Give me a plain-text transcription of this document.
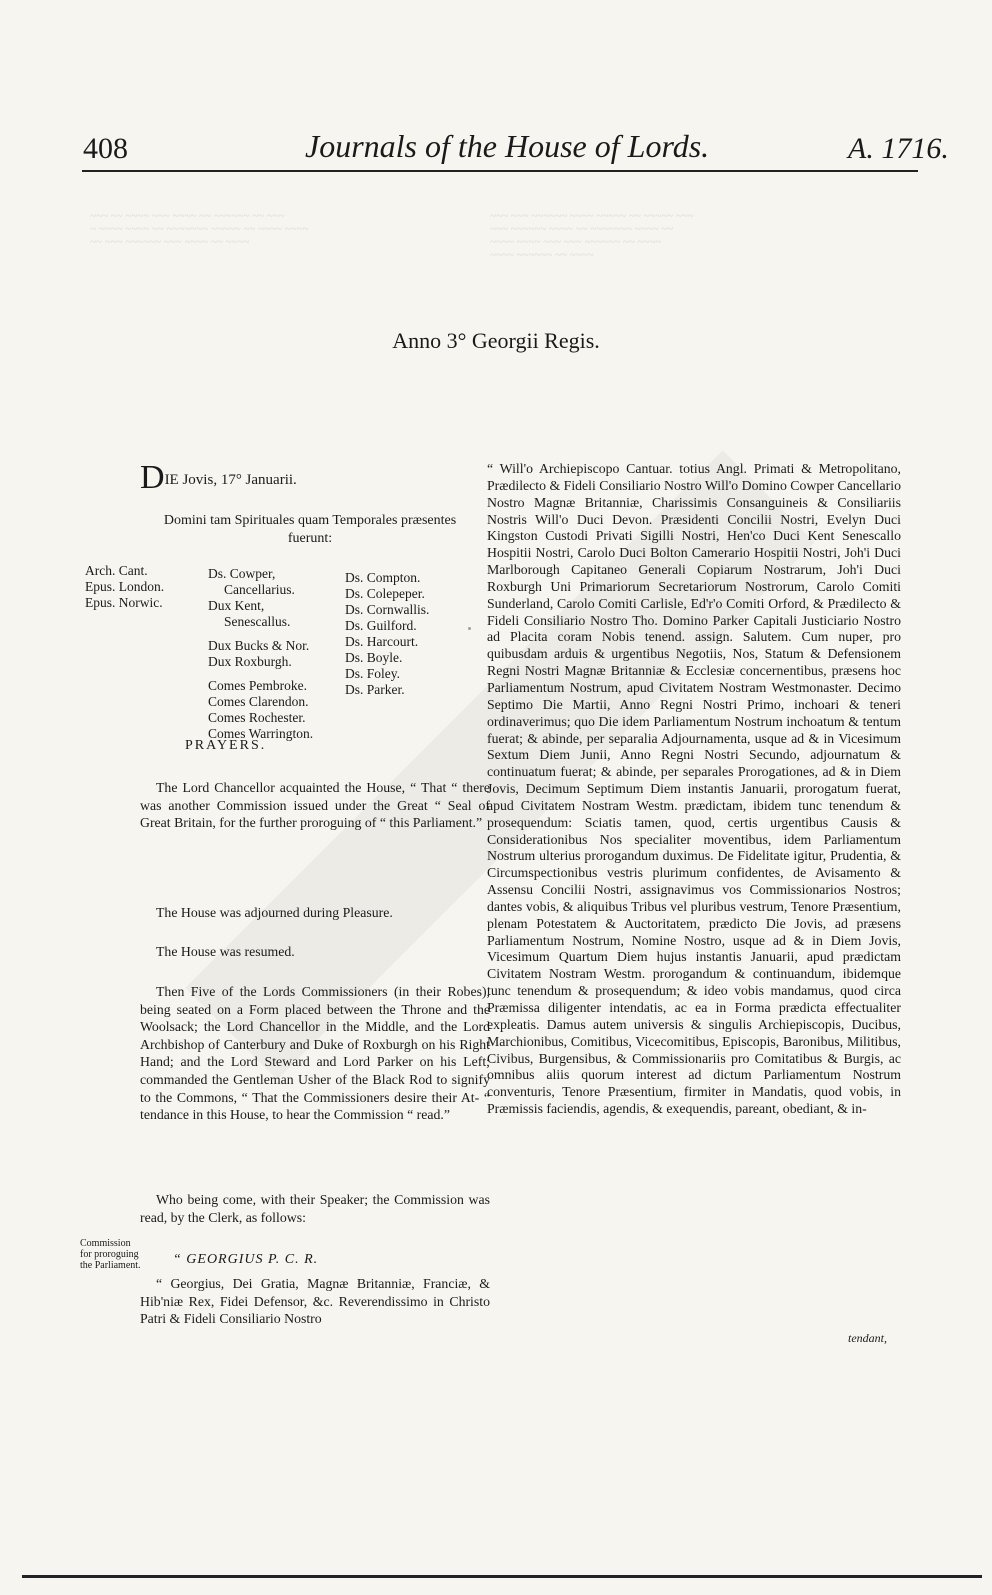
408	Journals of the House of Lords.	A. 1716.

~~~ ~~ ~~~~ ~~~ ~~~~ ~~ ~~~~~~ ~~ ~~~

~ ~~~~ ~~~~ ~~ ~~~~~~~ ~~~~~ ~~ ~~~~ ~~~~

~~ ~~~ ~~~~~~ ~~~ ~~~~ ~~ ~~~~

~~~ ~~~ ~~~~~~ ~~~~ ~~~~~ ~~ ~~~~~ ~~~

~~~ ~~~~~~ ~~~~ ~~ ~~~~~~~ ~~~~ ~~

~~~~ ~~~~ ~~~ ~~~ ~~~~~~ ~~ ~~~~

~~~~ ~~~~~~ ~~ ~~~~

Anno 3° Georgii Regis.
DIE Jovis, 17° Januarii.
Domini tam Spirituales quam Temporales præsentes fuerunt:
Arch. Cant.
Epus. London.
Epus. Norwic.
Ds. Cowper,
Cancellarius.
Dux Kent,
Senescallus.
Dux Bucks & Nor.
Dux Roxburgh.
Comes Pembroke.
Comes Clarendon.
Comes Rochester.
Comes Warrington.
Ds. Compton.
Ds. Colepeper.
Ds. Cornwallis.
Ds. Guilford.
Ds. Harcourt.
Ds. Boyle.
Ds. Foley.
Ds. Parker.
PRAYERS.

The Lord Chancellor acquainted the House, “ That “ there was another Commission issued under the Great “ Seal of Great Britain, for the further proroguing of “ this Parliament.”

The House was adjourned during Pleasure.

The House was resumed.

Then Five of the Lords Commissioners (in their Robes), being seated on a Form placed between the Throne and the Woolsack; the Lord Chancellor in the Middle, and the Lord Archbishop of Canterbury and Duke of Roxburgh on his Right Hand; and the Lord Steward and Lord Parker on his Left; commanded the Gentleman Usher of the Black Rod to signify to the Commons, “ That the Commissioners desire their At- “ tendance in this House, to hear the Commission “ read.”

Who being come, with their Speaker; the Commission was read, by the Clerk, as follows:

“ GEORGIUS P. C. R.

“ Georgius, Dei Gratia, Magnæ Britanniæ, Franciæ, & Hib'niæ Rex, Fidei Defensor, &c. Reverendissimo in Christo Patri & Fideli Consiliario Nostro

Commission for proroguing the Parliament.

“ Will'o Archiepiscopo Cantuar. totius Angl. Primati & Metropolitano, Prædilecto & Fideli Consiliario Nostro Will'o Domino Cowper Cancellario Nostro Magnæ Britanniæ, Charissimis Consanguineis & Consiliariis Nostris Will'o Duci Devon. Præsidenti Concilii Nostri, Evelyn Duci Kingston Custodi Privati Sigilli Nostri, Hen'co Duci Kent Senescallo Hospitii Nostri, Carolo Duci Bolton Camerario Hospitii Nostri, Joh'i Duci Marlborough Capitaneo Generali Copiarum Nostrarum, Joh'i Duci Roxburgh Uni Primariorum Secretariorum Nostrorum, Carolo Comiti Sunderland, Carolo Comiti Carlisle, Ed'r'o Comiti Orford, & Prædilecto & Fideli Consiliario Nostro Tho. Domino Parker Capitali Justiciario Nostro ad Placita coram Nobis tenend. assign. Salutem. Cum nuper, pro quibusdam arduis & urgentibus Negotiis, Nos, Statum & Defensionem Regni Nostri Magnæ Britanniæ & Ecclesiæ concernentibus, præsens hoc Parliamentum Nostrum, apud Civitatem Nostram Westmonaster. Decimo Septimo Die Martii, Anno Regni Nostri Primo, inchoari & teneri ordinaverimus; quo Die idem Parliamentum Nostrum inchoatum & tentum fuerat; & abinde, per separalia Adjournamenta, usque ad & in Vicesimum Sextum Diem Junii, Anno Regni Nostri Secundo, adjournatum & continuatum fuerat; & abinde, per separales Prorogationes, ad & in Diem Jovis, Decimum Septimum Diem instantis Januarii, prorogatum fuerat, apud Civitatem Nostram Westm. prædictam, ibidem tunc tenendum & prosequendum: Sciatis tamen, quod, certis urgentibus Causis & Considerationibus Nos specialiter moventibus, idem Parliamentum Nostrum ulterius prorogandum duximus. De Fidelitate igitur, Prudentia, & Circumspectionibus vestris plurimum confidentes, de Avisamento & Assensu Concilii Nostri, assignavimus vos Commissionarios Nostros; dantes vobis, & aliquibus Tribus vel pluribus vestrum, Tenore Præsentium, plenam Potestatem & Auctoritatem, prædicto Die Jovis, ad præsens Parliamentum Nostrum, Nomine Nostro, usque ad & in Diem Jovis, Vicesimum Quartum Diem hujus instantis Januarii, apud prædictam Civitatem Nostram Westm. prorogandum & continuandum, ibidemque tunc tenendum & prosequendum; & ideo vobis mandamus, quod circa Præmissa diligenter intendatis, ac ea in Forma prædicta effectualiter expleatis. Damus autem universis & singulis Archiepiscopis, Ducibus, Marchionibus, Comitibus, Vicecomitibus, Episcopis, Baronibus, Militibus, Civibus, Burgensibus, & Commissionariis pro Comitatibus & Burgis, ac omnibus aliis quorum interest ad dictum Parliamentum Nostrum conventuris, Tenore Præsentium, firmiter in Mandatis, quod vobis, in Præmissis faciendis, agendis, & exequendis, pareant, obediant, & in-

tendant,
